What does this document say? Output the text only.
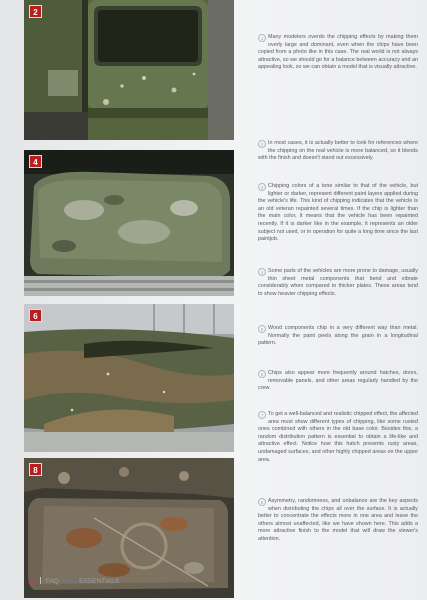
2
4
6
8
1 Many modelers overdo the chipping effects by making them overly large and dominant, even when the chips have been copied from a photo like in this case. The real world is not always attractive, so we should go for a balance between accuracy and an appealing look, so we can obtain a model that is visually attractive.
2 In most cases, it is actually better to look for references where the chipping on the real vehicle is more balanced, so it blends with the finish and doesn't stand out excessively.
3 Chipping colors of a tone similar to that of the vehicle, but lighter or darker, represent different paint layers applied during the vehicle's life. This kind of chipping indicates that the vehicle is an old veteran repainted several times. If the chip is lighter than the main color, it means that the vehicle has been repainted recently. If it is darker like in the example, it represents an older subject not used, or in operation for quite a long time since the last paintjob.
4 Some parts of the vehicles are more prone to damage, usually thin sheet metal components that bend and vibrate considerably when compared to thicker plates. These areas tend to show heavier chipping effects.
5 Wood components chip in a very different way than metal. Normally the paint peels along the grain in a longitudinal pattern.
6 Chips also appear more frequently around hatches, doors, removable panels, and other areas regularly handled by the crew.
7 To get a well-balanced and realistic chipped effect, the affected area must show different types of chipping, like some rusted ones combined with others in the old base color. Besides this, a random distribution pattern is essential to obtain a life-like and attractive effect. Notice how this hatch presents rusty areas, undamaged surfaces, and other highly chipped areas on the upper area.
8 Asymmetry, randomness, and unbalance are the key aspects when distributing the chips all over the surface. It is actually better to concentrate the effects more in one area and leave the others almost unaffected, like we have shown here. This adds a more attractive finish to the model that will draw the viewer's attention.
22 FAQ AFVs ESSENTIALS
